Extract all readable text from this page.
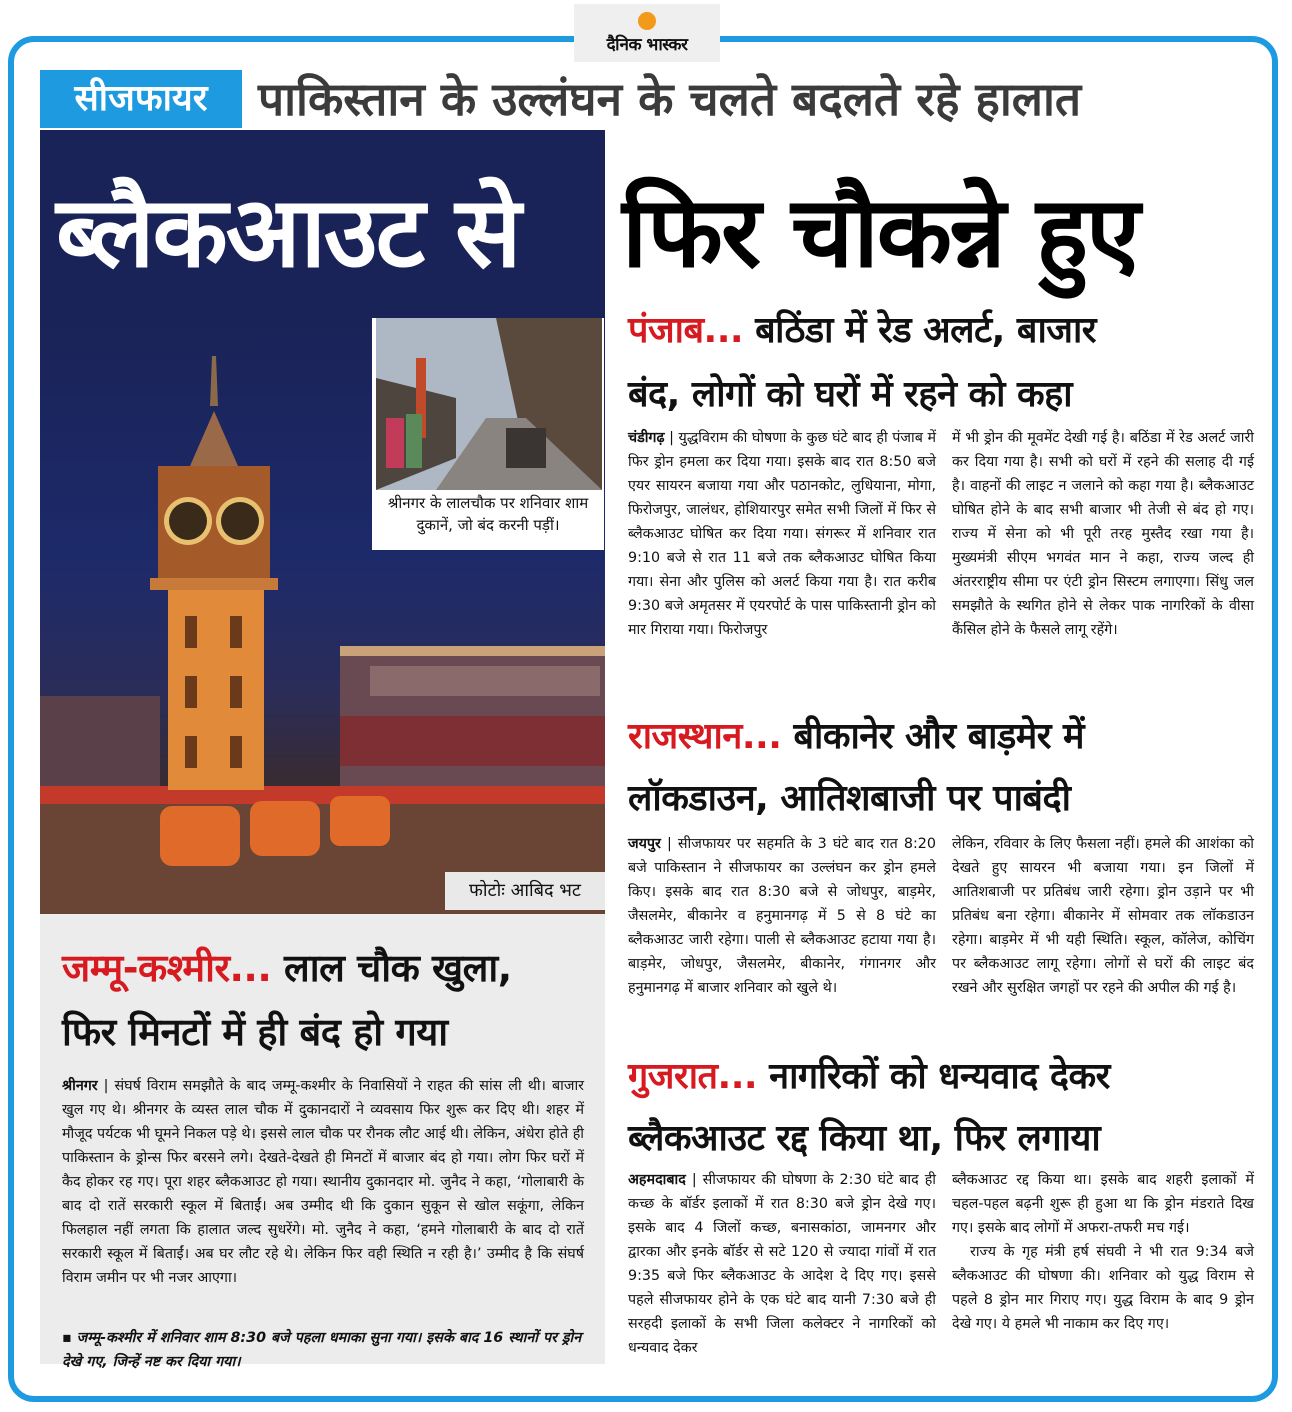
दैनिक भास्कर
सीजफायर	पाकिस्तान के उल्लंघन के चलते बदलते रहे हालात
ब्लैकआउट से फिर चौकन्ने हुए
श्रीनगर के लालचौक पर शनिवार शाम दुकानें, जो बंद करनी पड़ीं।
फोटोः आबिद भट
जम्मू-कश्मीर... लाल चौक खुला,
फिर मिनटों में ही बंद हो गया
श्रीनगर | संघर्ष विराम समझौते के बाद जम्मू-कश्मीर के निवासियों ने राहत की सांस ली थी। बाजार खुल गए थे। श्रीनगर के व्यस्त लाल चौक में दुकानदारों ने व्यवसाय फिर शुरू कर दिए थी। शहर में मौजूद पर्यटक भी घूमने निकल पड़े थे। इससे लाल चौक पर रौनक लौट आई थी। लेकिन, अंधेरा होते ही पाकिस्तान के ड्रोन्स फिर बरसने लगे। देखते-देखते ही मिनटों में बाजार बंद हो गया। लोग फिर घरों में कैद होकर रह गए। पूरा शहर ब्लैकआउट हो गया। स्थानीय दुकानदार मो. जुनैद ने कहा, ‘गोलाबारी के बाद दो रातें सरकारी स्कूल में बिताईं। अब उम्मीद थी कि दुकान सुकून से खोल सकूंगा, लेकिन फिलहाल नहीं लगता कि हालात जल्द सुधरेंगे। मो. जुनैद ने कहा, ‘हमने गोलाबारी के बाद दो रातें सरकारी स्कूल में बिताईं। अब घर लौट रहे थे। लेकिन फिर वही स्थिति न रही है।’ उम्मीद है कि संघर्ष विराम जमीन पर भी नजर आएगा।
▪ जम्मू-कश्मीर में शनिवार शाम 8:30 बजे पहला धमाका सुना गया। इसके बाद 16 स्थानों पर ड्रोन देखे गए, जिन्हें नष्ट कर दिया गया।
पंजाब... बठिंडा में रेड अलर्ट, बाजार
बंद, लोगों को घरों में रहने को कहा
चंडीगढ़ | युद्धविराम की घोषणा के कुछ घंटे बाद ही पंजाब में फिर ड्रोन हमला कर दिया गया। इसके बाद रात 8:50 बजे एयर सायरन बजाया गया और पठानकोट, लुधियाना, मोगा, फिरोजपुर, जालंधर, होशियारपुर समेत सभी जिलों में फिर से ब्लैकआउट घोषित कर दिया गया। संगरूर में शनिवार रात 9:10 बजे से रात 11 बजे तक ब्लैकआउट घोषित किया गया। सेना और पुलिस को अलर्ट किया गया है। रात करीब 9:30 बजे अमृतसर में एयरपोर्ट के पास पाकिस्तानी ड्रोन को मार गिराया गया। फिरोजपुर
में भी ड्रोन की मूवमेंट देखी गई है। बठिंडा में रेड अलर्ट जारी कर दिया गया है। सभी को घरों में रहने की सलाह दी गई है। वाहनों की लाइट न जलाने को कहा गया है। ब्लैकआउट घोषित होने के बाद सभी बाजार भी तेजी से बंद हो गए। राज्य में सेना को भी पूरी तरह मुस्तैद रखा गया है। मुख्यमंत्री सीएम भगवंत मान ने कहा, राज्य जल्द ही अंतरराष्ट्रीय सीमा पर एंटी ड्रोन सिस्टम लगाएगा। सिंधु जल समझौते के स्थगित होने से लेकर पाक नागरिकों के वीसा कैंसिल होने के फैसले लागू रहेंगे।
राजस्थान... बीकानेर और बाड़मेर में
लॉकडाउन, आतिशबाजी पर पाबंदी
जयपुर | सीजफायर पर सहमति के 3 घंटे बाद रात 8:20 बजे पाकिस्तान ने सीजफायर का उल्लंघन कर ड्रोन हमले किए। इसके बाद रात 8:30 बजे से जोधपुर, बाड़मेर, जैसलमेर, बीकानेर व हनुमानगढ़ में 5 से 8 घंटे का ब्लैकआउट जारी रहेगा। पाली से ब्लैकआउट हटाया गया है। बाड़मेर, जोधपुर, जैसलमेर, बीकानेर, गंगानगर और हनुमानगढ़ में बाजार शनिवार को खुले थे।
लेकिन, रविवार के लिए फैसला नहीं। हमले की आशंका को देखते हुए सायरन भी बजाया गया। इन जिलों में आतिशबाजी पर प्रतिबंध जारी रहेगा। ड्रोन उड़ाने पर भी प्रतिबंध बना रहेगा। बीकानेर में सोमवार तक लॉकडाउन रहेगा। बाड़मेर में भी यही स्थिति। स्कूल, कॉलेज, कोचिंग पर ब्लैकआउट लागू रहेगा। लोगों से घरों की लाइट बंद रखने और सुरक्षित जगहों पर रहने की अपील की गई है।
गुजरात... नागरिकों को धन्यवाद देकर
ब्लैकआउट रद्द किया था, फिर लगाया
अहमदाबाद | सीजफायर की घोषणा के 2:30 घंटे बाद ही कच्छ के बॉर्डर इलाकों में रात 8:30 बजे ड्रोन देखे गए। इसके बाद 4 जिलों कच्छ, बनासकांठा, जामनगर और द्वारका और इनके बॉर्डर से सटे 120 से ज्यादा गांवों में रात 9:35 बजे फिर ब्लैकआउट के आदेश दे दिए गए। इससे पहले सीजफायर होने के एक घंटे बाद यानी 7:30 बजे ही सरहदी इलाकों के सभी जिला कलेक्टर ने नागरिकों को धन्यवाद देकर
ब्लैकआउट रद्द किया था। इसके बाद शहरी इलाकों में चहल-पहल बढ़नी शुरू ही हुआ था कि ड्रोन मंडराते दिख गए। इसके बाद लोगों में अफरा-तफरी मच गई।
राज्य के गृह मंत्री हर्ष संघवी ने भी रात 9:34 बजे ब्लैकआउट की घोषणा की। शनिवार को युद्ध विराम से पहले 8 ड्रोन मार गिराए गए। युद्ध विराम के बाद 9 ड्रोन देखे गए। ये हमले भी नाकाम कर दिए गए।
